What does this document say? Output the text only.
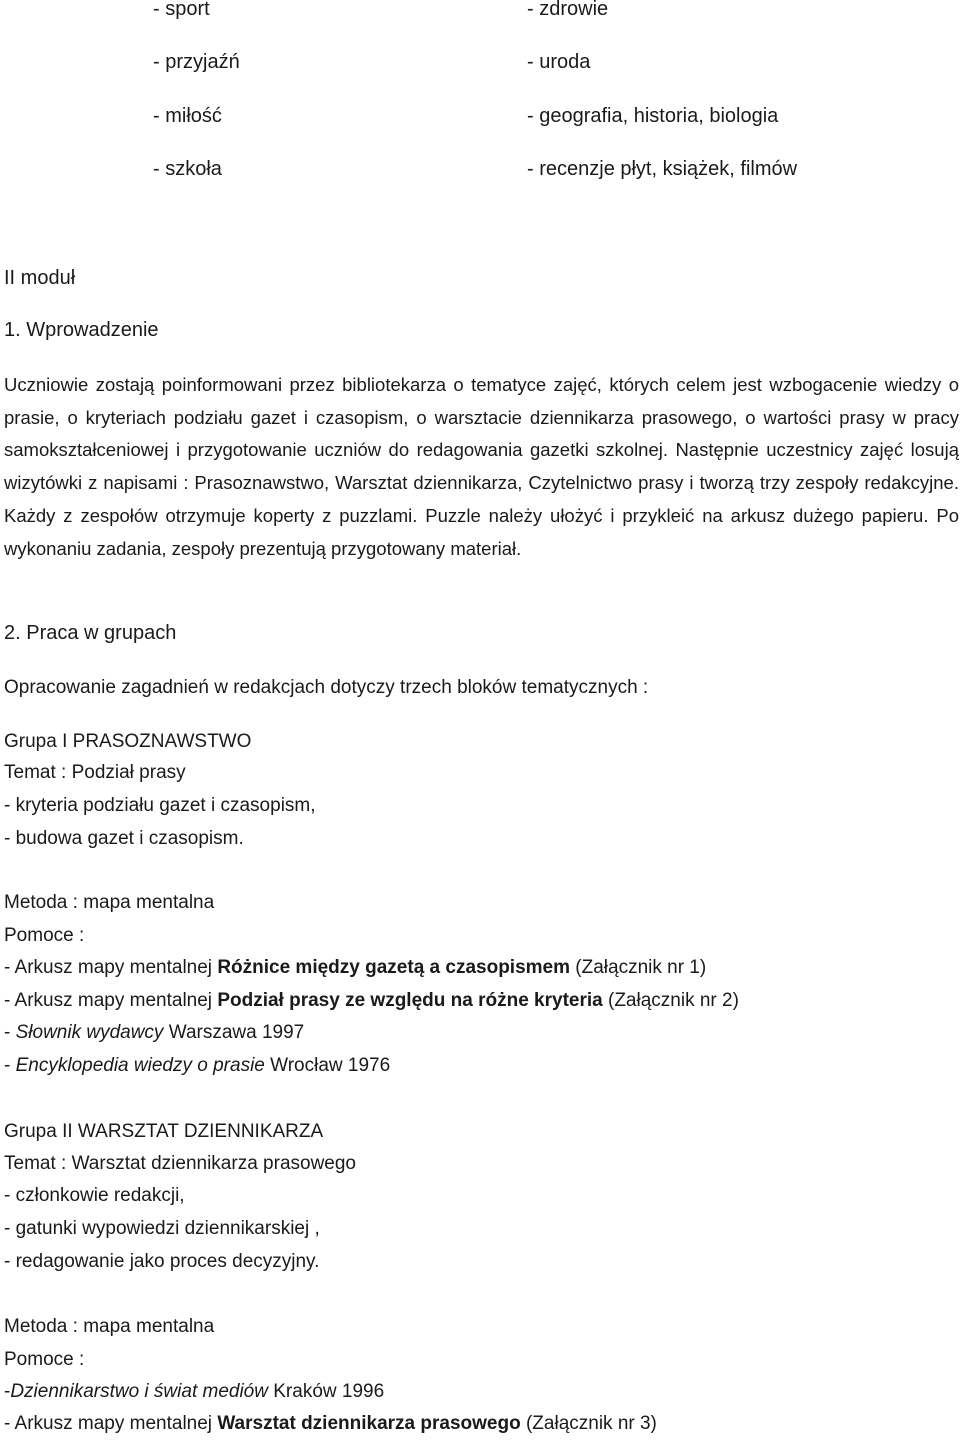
- sport	- zdrowie
- przyjaźń	- uroda
- miłość	- geografia, historia, biologia
- szkoła	- recenzje płyt, książek, filmów
II moduł
1. Wprowadzenie
Uczniowie zostają poinformowani przez bibliotekarza o tematyce zajęć, których celem jest wzbogacenie wiedzy o prasie, o kryteriach podziału gazet i czasopism, o warsztacie dziennikarza prasowego, o wartości prasy w pracy samokształceniowej i przygotowanie uczniów do redagowania gazetki szkolnej. Następnie uczestnicy zajęć losują wizytówki z napisami : Prasoznawstwo, Warsztat dziennikarza, Czytelnictwo prasy i tworzą trzy zespoły redakcyjne. Każdy z zespołów otrzymuje koperty z puzzlami. Puzzle należy ułożyć i przykleić na arkusz dużego papieru. Po wykonaniu zadania, zespoły prezentują przygotowany materiał.
2. Praca w grupach
Opracowanie zagadnień w redakcjach dotyczy trzech bloków tematycznych :
Grupa I PRASOZNAWSTWO
Temat : Podział prasy
- kryteria podziału gazet i czasopism,
- budowa gazet i czasopism.
Metoda : mapa mentalna
Pomoce :
- Arkusz mapy mentalnej Różnice między gazetą a czasopismem (Załącznik nr 1)
- Arkusz mapy mentalnej Podział prasy ze względu na różne kryteria (Załącznik nr 2)
- Słownik wydawcy Warszawa 1997
- Encyklopedia wiedzy o prasie Wrocław 1976
Grupa II WARSZTAT DZIENNIKARZA
Temat : Warsztat dziennikarza prasowego
- członkowie redakcji,
- gatunki wypowiedzi dziennikarskiej ,
- redagowanie jako proces decyzyjny.
Metoda : mapa mentalna
Pomoce :
-Dziennikarstwo i świat mediów Kraków 1996
- Arkusz mapy mentalnej Warsztat dziennikarza prasowego (Załącznik nr 3)
